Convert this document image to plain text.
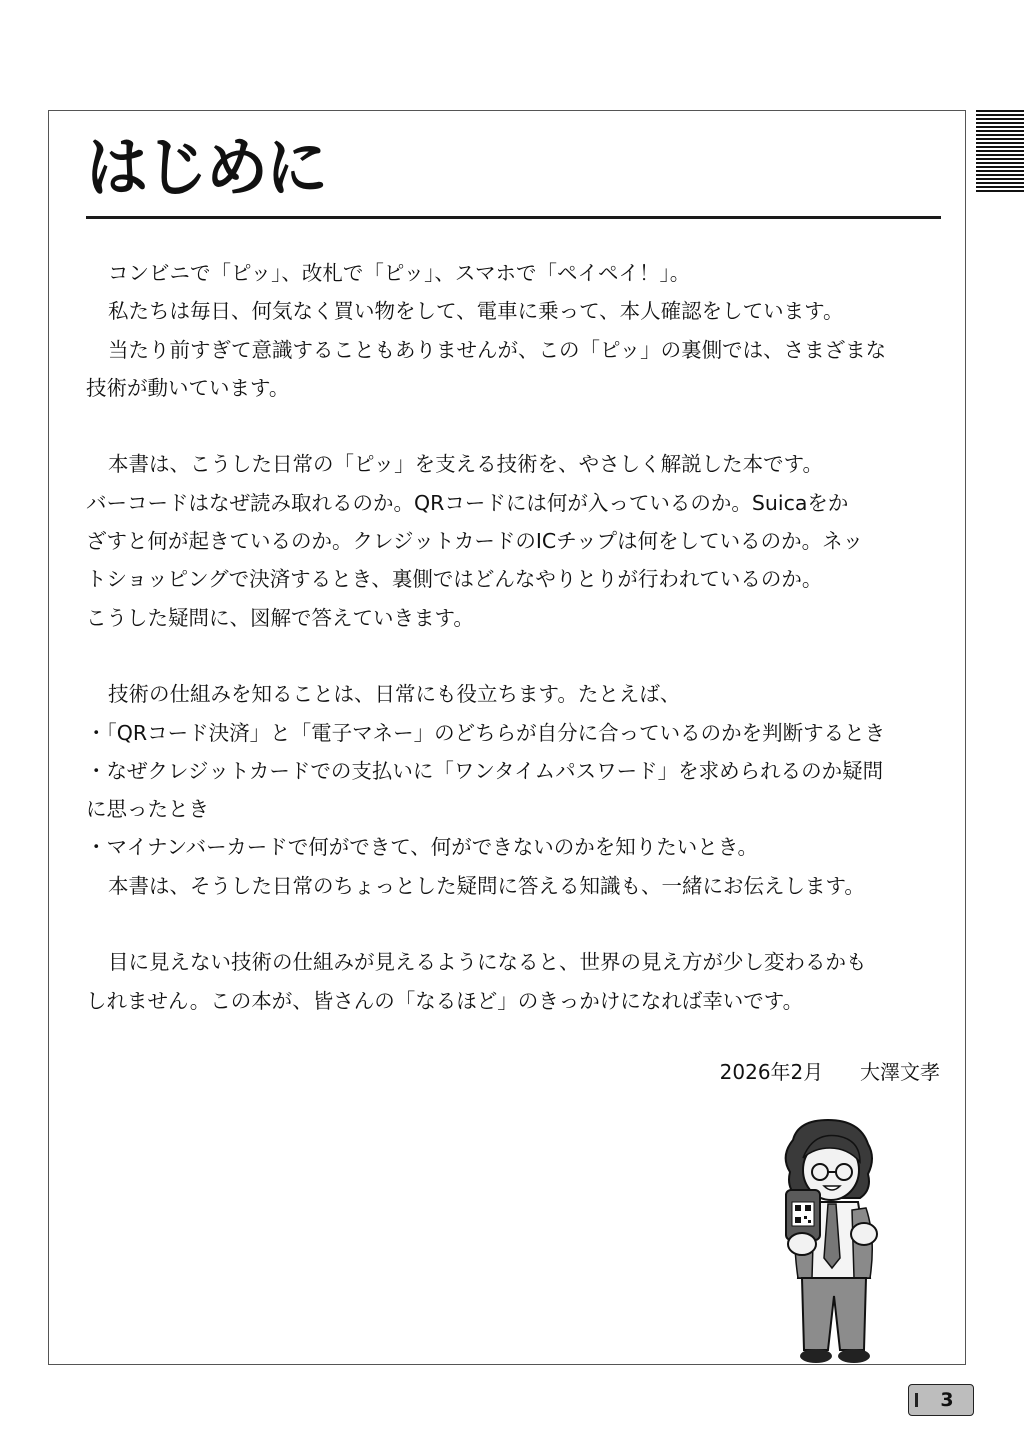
はじめに

コンビニで「ピッ」、改札で「ピッ」、スマホで「ペイペイ！」。

私たちは毎日、何気なく買い物をして、電車に乗って、本人確認をしています。

当たり前すぎて意識することもありませんが、この「ピッ」の裏側では、さまざまな

技術が動いています。

本書は、こうした日常の「ピッ」を支える技術を、やさしく解説した本です。

バーコードはなぜ読み取れるのか。QRコードには何が入っているのか。Suicaをか

ざすと何が起きているのか。クレジットカードのICチップは何をしているのか。ネッ

トショッピングで決済するとき、裏側ではどんなやりとりが行われているのか。

こうした疑問に、図解で答えていきます。

技術の仕組みを知ることは、日常にも役立ちます。たとえば、

・「QRコード決済」と「電子マネー」のどちらが自分に合っているのかを判断するとき

・なぜクレジットカードでの支払いに「ワンタイムパスワード」を求められるのか疑問

に思ったとき

・マイナンバーカードで何ができて、何ができないのかを知りたいとき。

本書は、そうした日常のちょっとした疑問に答える知識も、一緒にお伝えします。

目に見えない技術の仕組みが見えるようになると、世界の見え方が少し変わるかも

しれません。この本が、皆さんの「なるほど」のきっかけになれば幸いです。

2026年2月 大澤文孝
3
